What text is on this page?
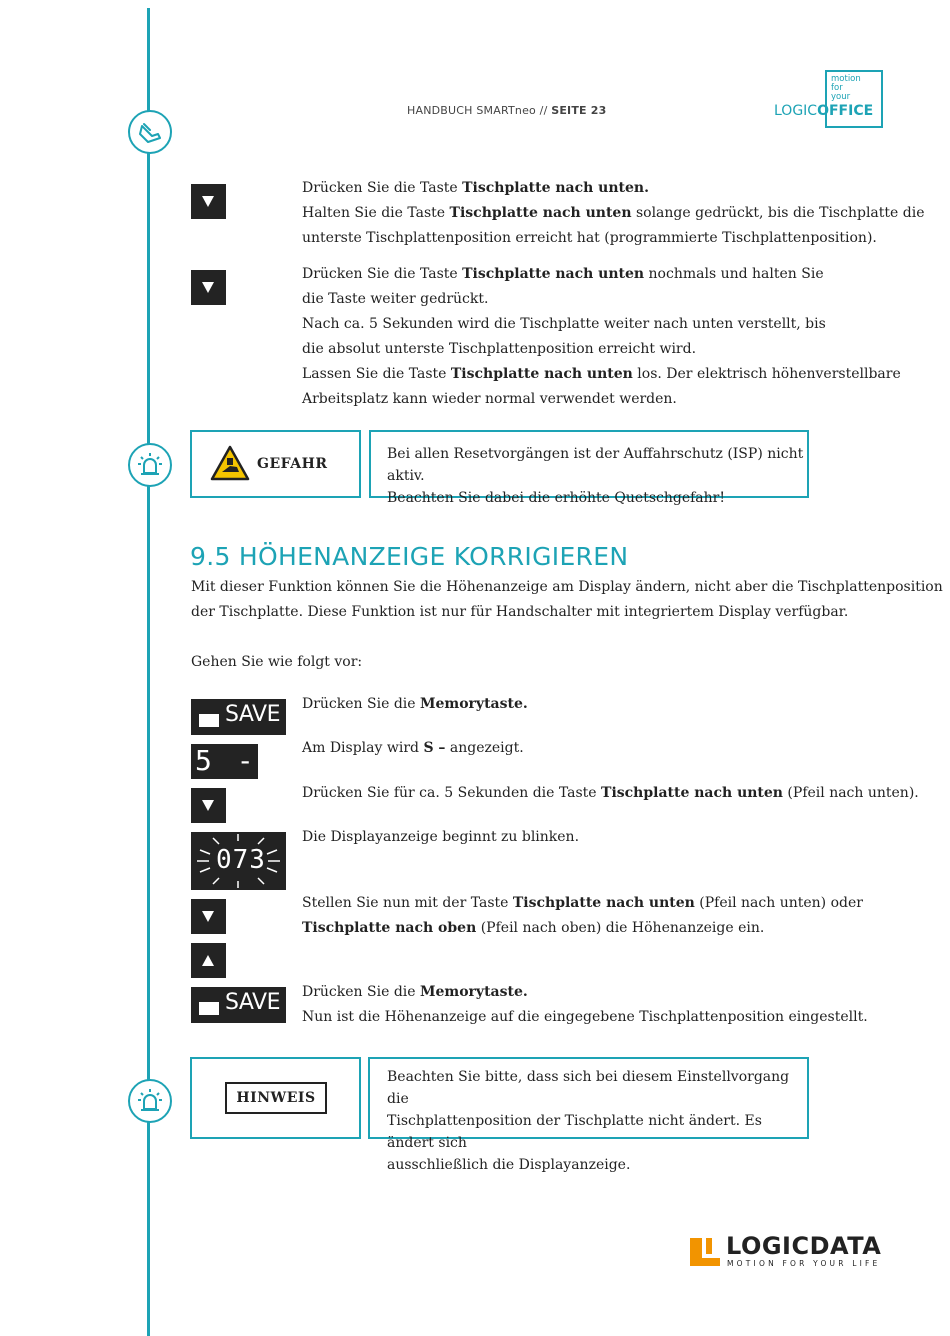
HANDBUCH SMARTneo // SEITE 23
motion
for
your
LOGICOFFICE
Drücken Sie die Taste Tischplatte nach unten.
Halten Sie die Taste Tischplatte nach unten solange gedrückt, bis die Tischplatte die
unterste Tischplattenposition erreicht hat (programmierte Tischplattenposition).
Drücken Sie die Taste Tischplatte nach unten nochmals und halten Sie
die Taste weiter gedrückt.
Nach ca. 5 Sekunden wird die Tischplatte weiter nach unten verstellt, bis
die absolut unterste Tischplattenposition erreicht wird.
Lassen Sie die Taste Tischplatte nach unten los. Der elektrisch höhenverstellbare
Arbeitsplatz kann wieder normal verwendet werden.
GEFAHR
Bei allen Resetvorgängen ist der Auffahrschutz (ISP) nicht aktiv.
Beachten Sie dabei die erhöhte Quetschgefahr!
9.5 HÖHENANZEIGE KORRIGIEREN
Mit dieser Funktion können Sie die Höhenanzeige am Display ändern, nicht aber die Tischplattenposition
der Tischplatte. Diese Funktion ist nur für Handschalter mit integriertem Display verfügbar.
Gehen Sie wie folgt vor:
SAVE Drücken Sie die Memorytaste.
5 -	Am Display wird S – angezeigt.
Drücken Sie für ca. 5 Sekunden die Taste Tischplatte nach unten (Pfeil nach unten).
073
Die Displayanzeige beginnt zu blinken.
Stellen Sie nun mit der Taste Tischplatte nach unten (Pfeil nach unten) oder
Tischplatte nach oben (Pfeil nach oben) die Höhenanzeige ein.
SAVE Drücken Sie die Memorytaste.
Nun ist die Höhenanzeige auf die eingegebene Tischplattenposition eingestellt.
HINWEIS
Beachten Sie bitte, dass sich bei diesem Einstellvorgang die
Tischplattenposition der Tischplatte nicht ändert. Es ändert sich
ausschließlich die Displayanzeige.
LOGICDATA
MOTION FOR YOUR LIFE
